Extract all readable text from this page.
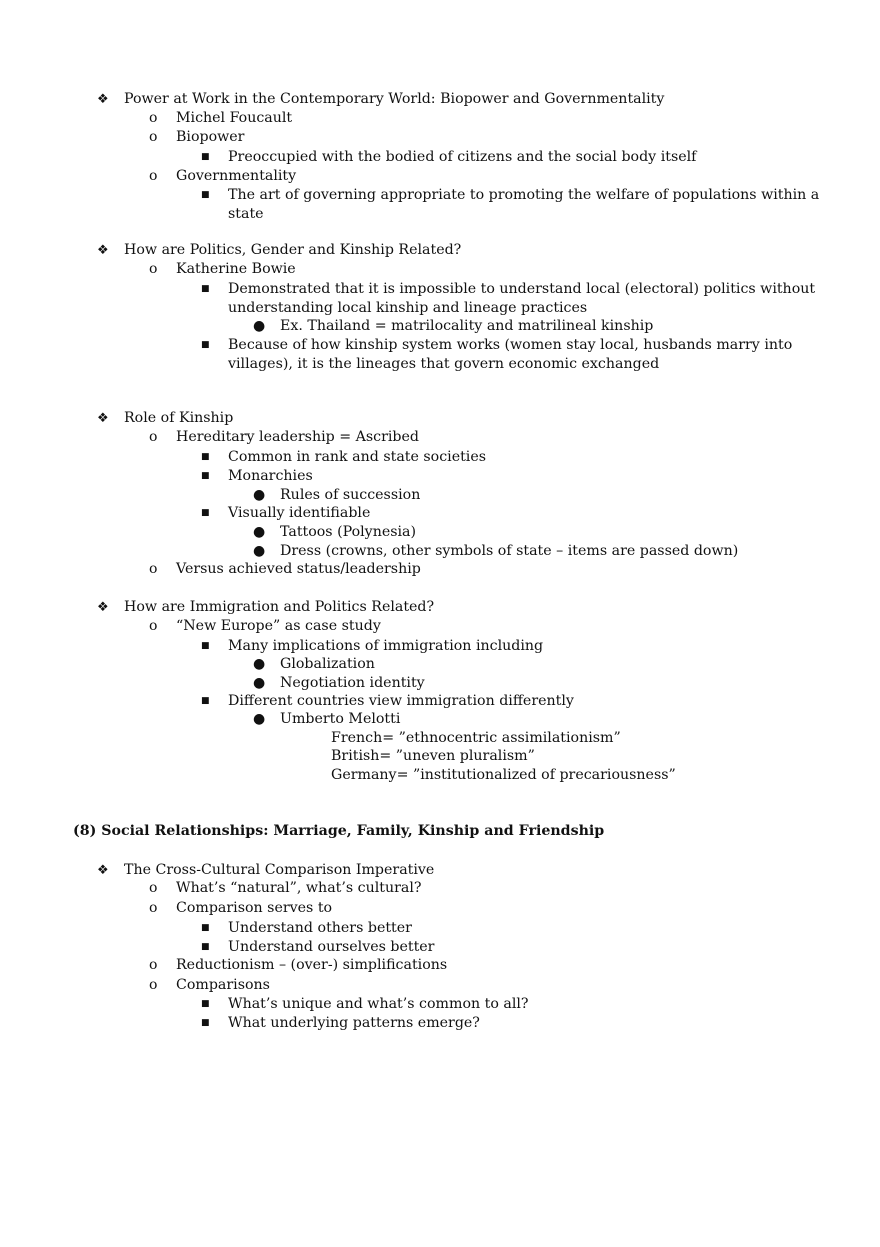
❖ Power at Work in the Contemporary World: Biopower and Governmentality
o Michel Foucault
o Biopower
■ Preoccupied with the bodied of citizens and the social body itself
o Governmentality
■ The art of governing appropriate to promoting the welfare of populations within a
state
❖ How are Politics, Gender and Kinship Related?
o Katherine Bowie
■ Demonstrated that it is impossible to understand local (electoral) politics without
understanding local kinship and lineage practices
● Ex. Thailand = matrilocality and matrilineal kinship
■ Because of how kinship system works (women stay local, husbands marry into
villages), it is the lineages that govern economic exchanged
❖ Role of Kinship
o Hereditary leadership = Ascribed
■ Common in rank and state societies
■ Monarchies
● Rules of succession
■ Visually identifiable
● Tattoos (Polynesia)
● Dress (crowns, other symbols of state – items are passed down)
o Versus achieved status/leadership
❖ How are Immigration and Politics Related?
o “New Europe” as case study
■ Many implications of immigration including
● Globalization
● Negotiation identity
■ Different countries view immigration differently
● Umberto Melotti
French= ”ethnocentric assimilationism”
British= ”uneven pluralism”
Germany= ”institutionalized of precariousness”
(8) Social Relationships: Marriage, Family, Kinship and Friendship
❖ The Cross-Cultural Comparison Imperative
o What’s “natural”, what’s cultural?
o Comparison serves to
■ Understand others better
■ Understand ourselves better
o Reductionism – (over-) simplifications
o Comparisons
■ What’s unique and what’s common to all?
■ What underlying patterns emerge?
